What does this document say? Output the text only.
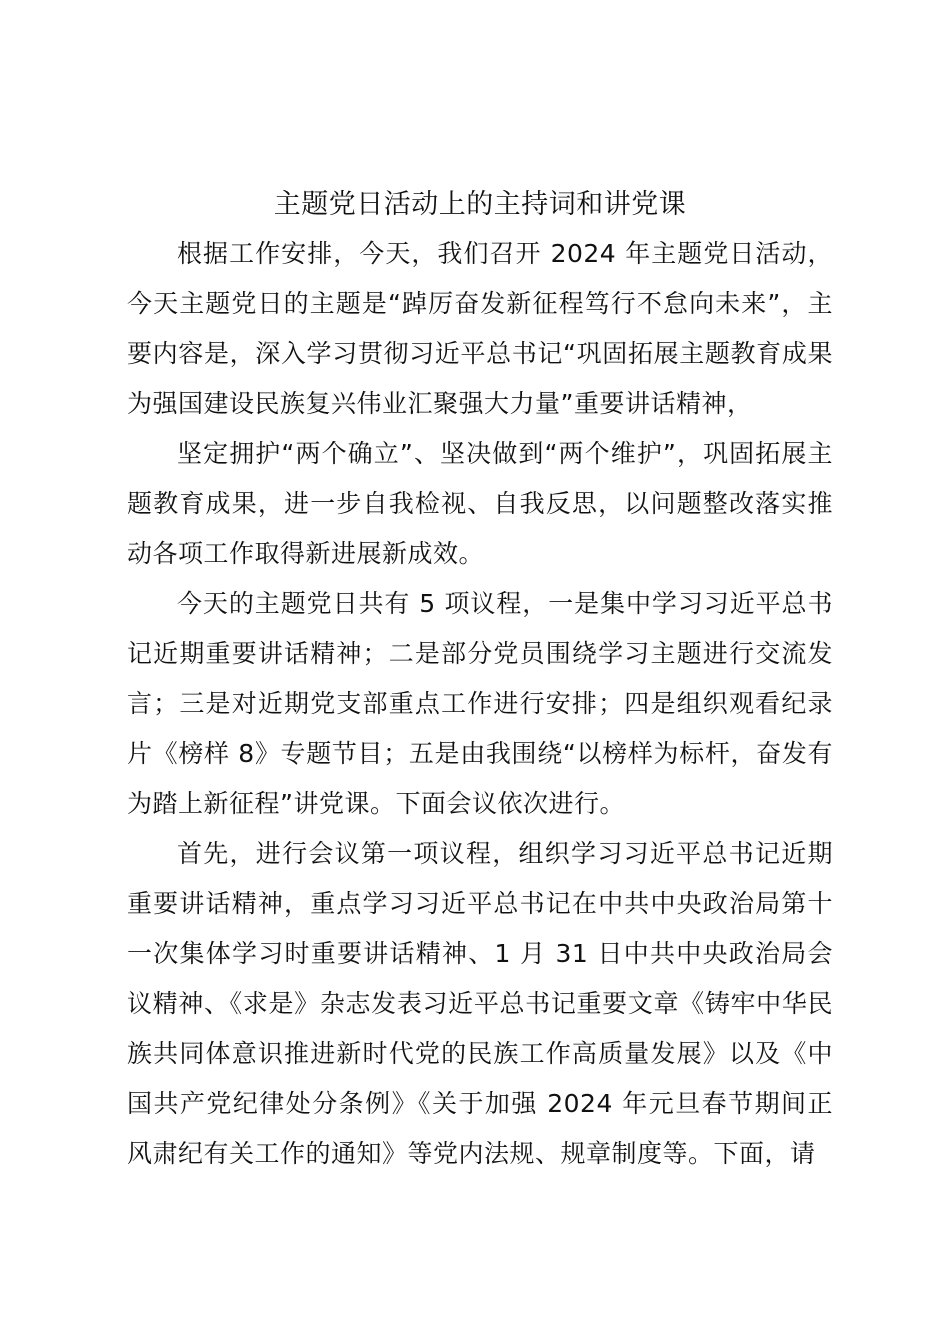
主题党日活动上的主持词和讲党课

根据工作安排，今天，我们召开 2024 年主题党日活动，今天主题党日的主题是“踔厉奋发新征程笃行不怠向未来”，主要内容是，深入学习贯彻习近平总书记“巩固拓展主题教育成果为强国建设民族复兴伟业汇聚强大力量”重要讲话精神，

坚定拥护“两个确立”、坚决做到“两个维护”，巩固拓展主题教育成果，进一步自我检视、自我反思，以问题整改落实推动各项工作取得新进展新成效。

今天的主题党日共有 5 项议程，一是集中学习习近平总书记近期重要讲话精神；二是部分党员围绕学习主题进行交流发言；三是对近期党支部重点工作进行安排；四是组织观看纪录片《榜样 8》专题节目；五是由我围绕“以榜样为标杆，奋发有为踏上新征程”讲党课。下面会议依次进行。

首先，进行会议第一项议程，组织学习习近平总书记近期重要讲话精神，重点学习习近平总书记在中共中央政治局第十一次集体学习时重要讲话精神、1 月 31 日中共中央政治局会议精神、《求是》杂志发表习近平总书记重要文章《铸牢中华民族共同体意识推进新时代党的民族工作高质量发展》以及《中国共产党纪律处分条例》《关于加强 2024 年元旦春节期间正风肃纪有关工作的通知》等党内法规、规章制度等。下面，请
